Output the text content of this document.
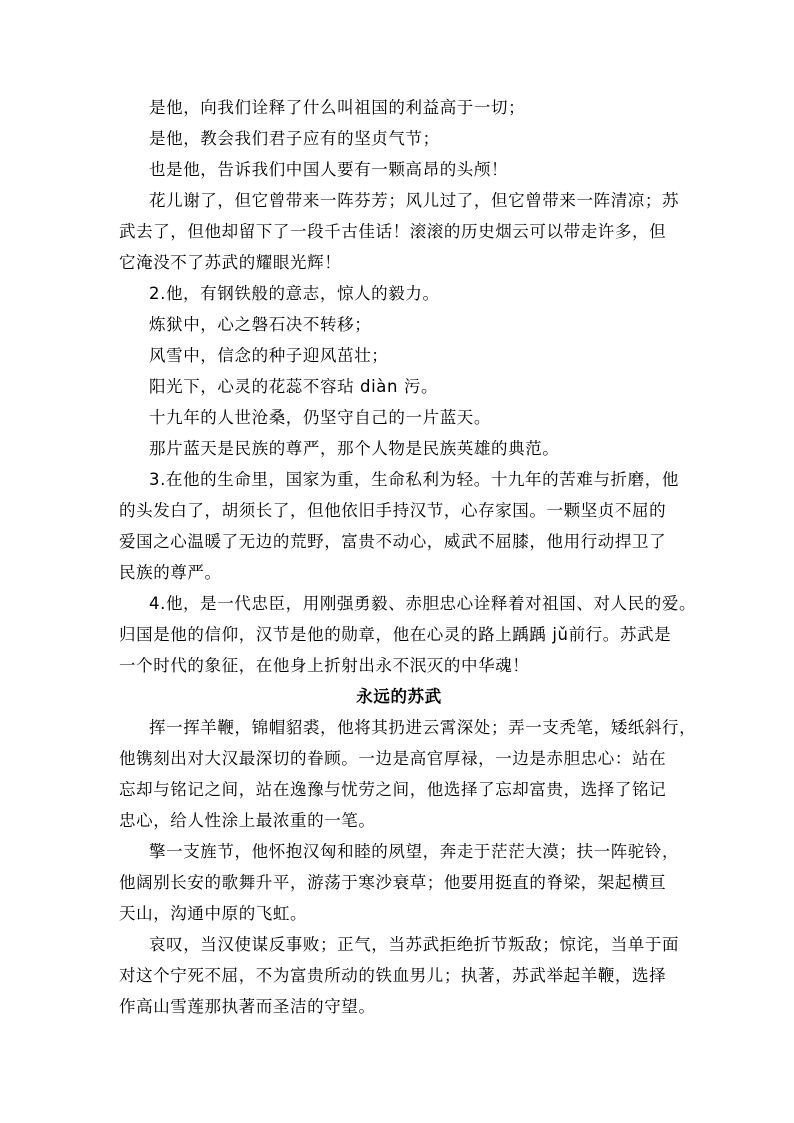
是他，向我们诠释了什么叫祖国的利益高于一切；
是他，教会我们君子应有的坚贞气节；
也是他，告诉我们中国人要有一颗高昂的头颅！
花儿谢了，但它曾带来一阵芬芳；风儿过了，但它曾带来一阵清凉；苏
武去了，但他却留下了一段千古佳话！滚滚的历史烟云可以带走许多，但
它淹没不了苏武的耀眼光辉！
2.他，有钢铁般的意志，惊人的毅力。
炼狱中，心之磐石决不转移；
风雪中，信念的种子迎风茁壮；
阳光下，心灵的花蕊不容玷 diàn 污。
十九年的人世沧桑，仍坚守自己的一片蓝天。
那片蓝天是民族的尊严，那个人物是民族英雄的典范。
3.在他的生命里，国家为重，生命私利为轻。十九年的苦难与折磨，他
的头发白了，胡须长了，但他依旧手持汉节，心存家国。一颗坚贞不屈的
爱国之心温暖了无边的荒野，富贵不动心，威武不屈膝，他用行动捍卫了
民族的尊严。
4.他，是一代忠臣，用刚强勇毅、赤胆忠心诠释着对祖国、对人民的爱。
归国是他的信仰，汉节是他的勋章，他在心灵的路上踽踽 jǔ前行。苏武是
一个时代的象征，在他身上折射出永不泯灭的中华魂！
永远的苏武
挥一挥羊鞭，锦帽貂裘，他将其扔进云霄深处；弄一支秃笔，矮纸斜行，
他镌刻出对大汉最深切的眷顾。一边是高官厚禄，一边是赤胆忠心：站在
忘却与铭记之间，站在逸豫与忧劳之间，他选择了忘却富贵，选择了铭记
忠心，给人性涂上最浓重的一笔。
擎一支旌节，他怀抱汉匈和睦的夙望，奔走于茫茫大漠；扶一阵驼铃，
他阔别长安的歌舞升平，游荡于寒沙衰草；他要用挺直的脊梁，架起横亘
天山，沟通中原的飞虹。
哀叹，当汉使谋反事败；正气，当苏武拒绝折节叛敌；惊诧，当单于面
对这个宁死不屈，不为富贵所动的铁血男儿；执著，苏武举起羊鞭，选择
作高山雪莲那执著而圣洁的守望。
